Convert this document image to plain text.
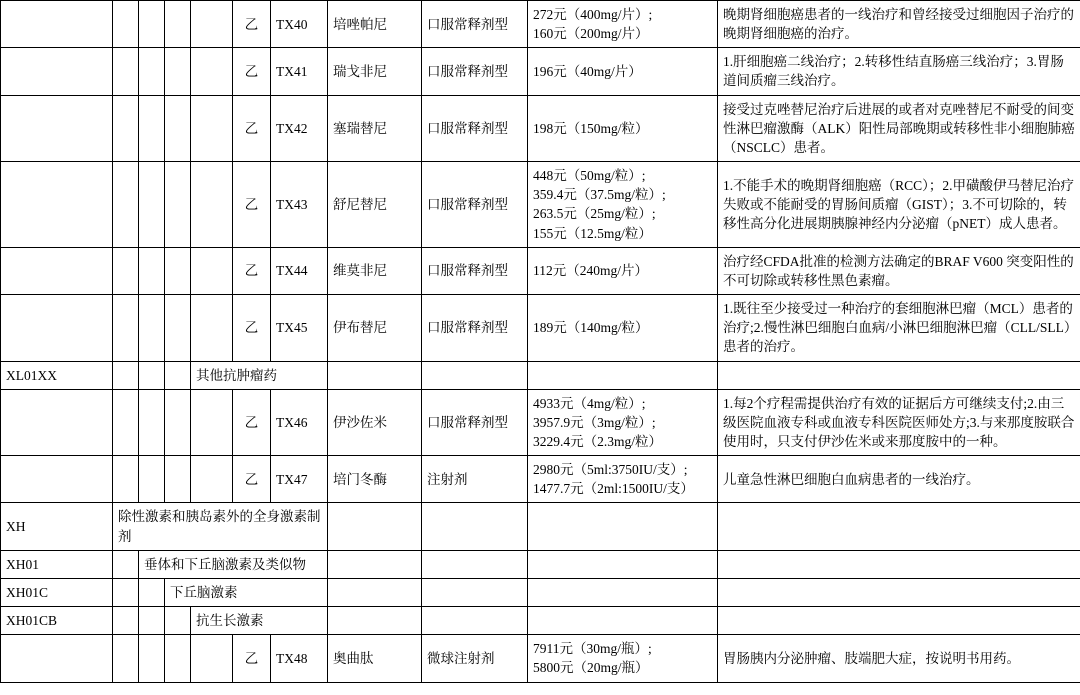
					乙	TX40	培唑帕尼	口服常释剂型	272元（400mg/片）;
160元（200mg/片）	晚期肾细胞癌患者的一线治疗和曾经接受过细胞因子治疗的晚期肾细胞癌的治疗。
					乙	TX41	瑞戈非尼	口服常释剂型	196元（40mg/片）	1.肝细胞癌二线治疗；2.转移性结直肠癌三线治疗；3.胃肠道间质瘤三线治疗。
					乙	TX42	塞瑞替尼	口服常释剂型	198元（150mg/粒）	接受过克唑替尼治疗后进展的或者对克唑替尼不耐受的间变性淋巴瘤激酶（ALK）阳性局部晚期或转移性非小细胞肺癌（NSCLC）患者。
					乙	TX43	舒尼替尼	口服常释剂型	448元（50mg/粒）;
359.4元（37.5mg/粒）;
263.5元（25mg/粒）;
155元（12.5mg/粒）	1.不能手术的晚期肾细胞癌（RCC）；2.甲磺酸伊马替尼治疗失败或不能耐受的胃肠间质瘤（GIST）；3.不可切除的，转移性高分化进展期胰腺神经内分泌瘤（pNET）成人患者。
					乙	TX44	维莫非尼	口服常释剂型	112元（240mg/片）	治疗经CFDA批准的检测方法确定的BRAF V600 突变阳性的不可切除或转移性黑色素瘤。
					乙	TX45	伊布替尼	口服常释剂型	189元（140mg/粒）	1.既往至少接受过一种治疗的套细胞淋巴瘤（MCL）患者的治疗;2.慢性淋巴细胞白血病/小淋巴细胞淋巴瘤（CLL/SLL）患者的治疗。
XL01XX				其他抗肿瘤药						
					乙	TX46	伊沙佐米	口服常释剂型	4933元（4mg/粒）;
3957.9元（3mg/粒）;
3229.4元（2.3mg/粒）	1.每2个疗程需提供治疗有效的证据后方可继续支付;2.由三级医院血液专科或血液专科医院医师处方;3.与来那度胺联合使用时，只支付伊沙佐米或来那度胺中的一种。
					乙	TX47	培门冬酶	注射剂	2980元（5ml:3750IU/支）;
1477.7元（2ml:1500IU/支）	儿童急性淋巴细胞白血病患者的一线治疗。
XH	除性激素和胰岛素外的全身激素制剂									
XH01		垂体和下丘脑激素及类似物								
XH01C			下丘脑激素							
XH01CB				抗生长激素						
					乙	TX48	奥曲肽	微球注射剂	7911元（30mg/瓶）;
5800元（20mg/瓶）	胃肠胰内分泌肿瘤、肢端肥大症，按说明书用药。
